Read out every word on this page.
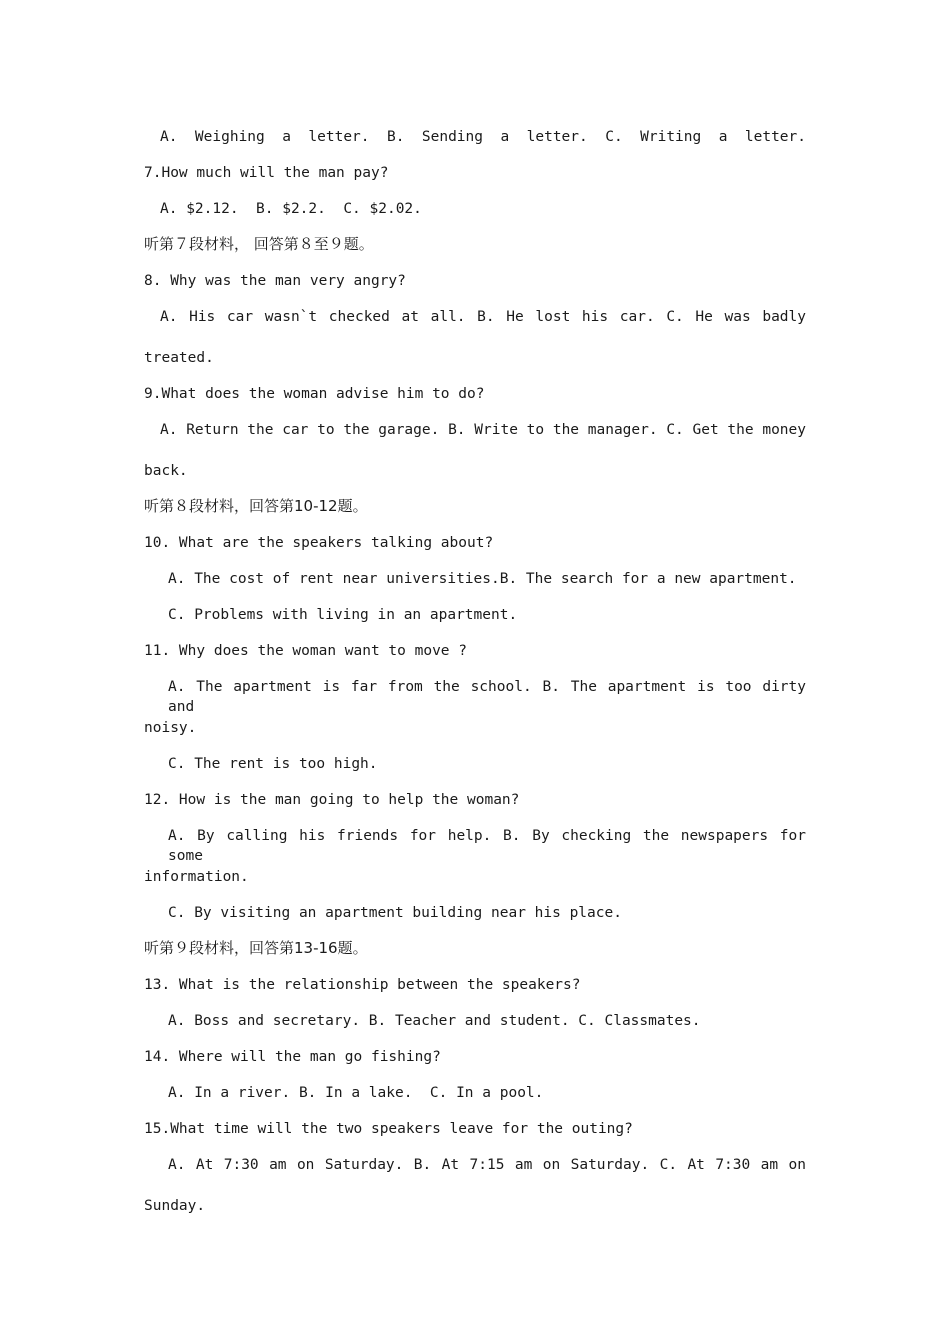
A. Weighing a letter. B. Sending a letter. C. Writing a letter.
7.How much will the man pay?
A. $2.12.  B. $2.2.  C. $2.02.
听第７段材料， 回答第８至９题。
8. Why was the man very angry?
A. His car wasn`t checked at all. B. He lost his car. C. He was badly
treated.
9.What does the woman advise him to do?
A. Return the car to the garage. B. Write to the manager. C. Get the money
back.
听第８段材料，回答第10-12题。
10. What are the speakers talking about?
A. The cost of rent near universities.B. The search for a new apartment.
C. Problems with living in an apartment.
11. Why does the woman want to move ?
A. The apartment is far from the school. B. The apartment is too dirty and
noisy.
C. The rent is too high.
12. How is the man going to help the woman?
A. By calling his friends for help. B. By checking the newspapers for some
information.
C. By visiting an apartment building near his place.
听第９段材料，回答第13-16题。
13. What is the relationship between the speakers?
A. Boss and secretary. B. Teacher and student. C. Classmates.
14. Where will the man go fishing?
A. In a river. B. In a lake.  C. In a pool.
15.What time will the two speakers leave for the outing?
A. At 7:30 am on Saturday. B. At 7:15 am on Saturday. C. At 7:30 am on
Sunday.
